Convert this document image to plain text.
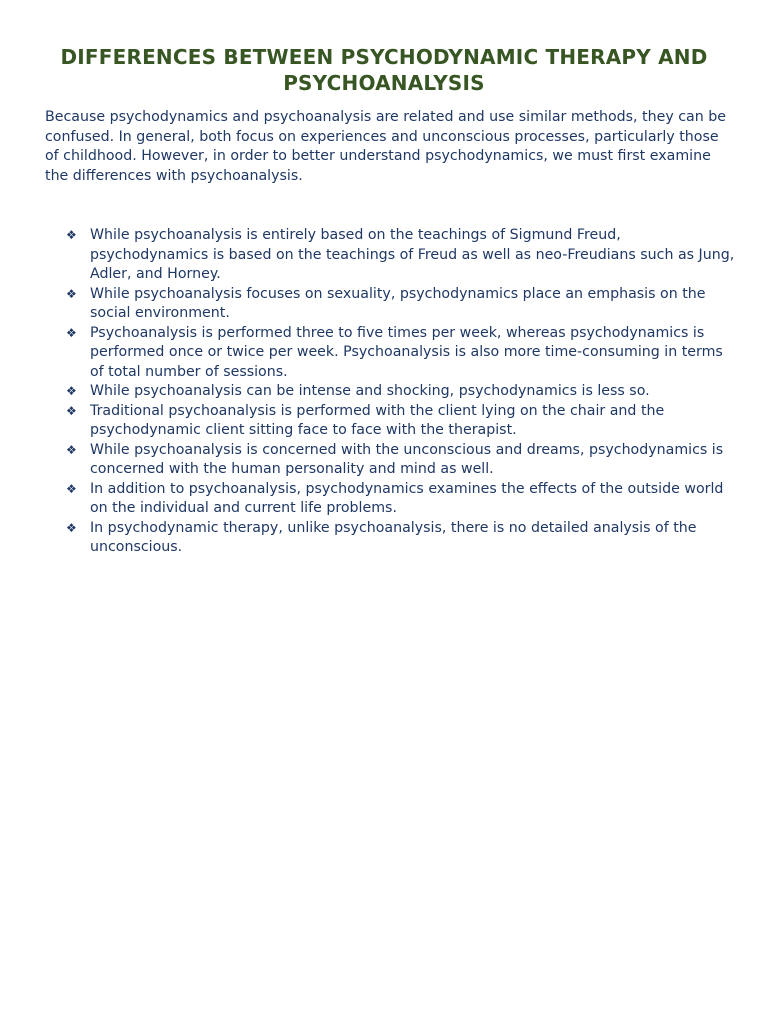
DIFFERENCES BETWEEN PSYCHODYNAMIC THERAPY AND PSYCHOANALYSIS

Because psychodynamics and psychoanalysis are related and use similar methods, they can be confused. In general, both focus on experiences and unconscious processes, particularly those of childhood. However, in order to better understand psychodynamics, we must first examine the differences with psychoanalysis.

❖ While psychoanalysis is entirely based on the teachings of Sigmund Freud, psychodynamics is based on the teachings of Freud as well as neo-Freudians such as Jung, Adler, and Horney.
❖ While psychoanalysis focuses on sexuality, psychodynamics place an emphasis on the social environment.
❖ Psychoanalysis is performed three to five times per week, whereas psychodynamics is performed once or twice per week. Psychoanalysis is also more time-consuming in terms of total number of sessions.
❖ While psychoanalysis can be intense and shocking, psychodynamics is less so.
❖ Traditional psychoanalysis is performed with the client lying on the chair and the psychodynamic client sitting face to face with the therapist.
❖ While psychoanalysis is concerned with the unconscious and dreams, psychodynamics is concerned with the human personality and mind as well.
❖ In addition to psychoanalysis, psychodynamics examines the effects of the outside world on the individual and current life problems.
❖ In psychodynamic therapy, unlike psychoanalysis, there is no detailed analysis of the unconscious.
